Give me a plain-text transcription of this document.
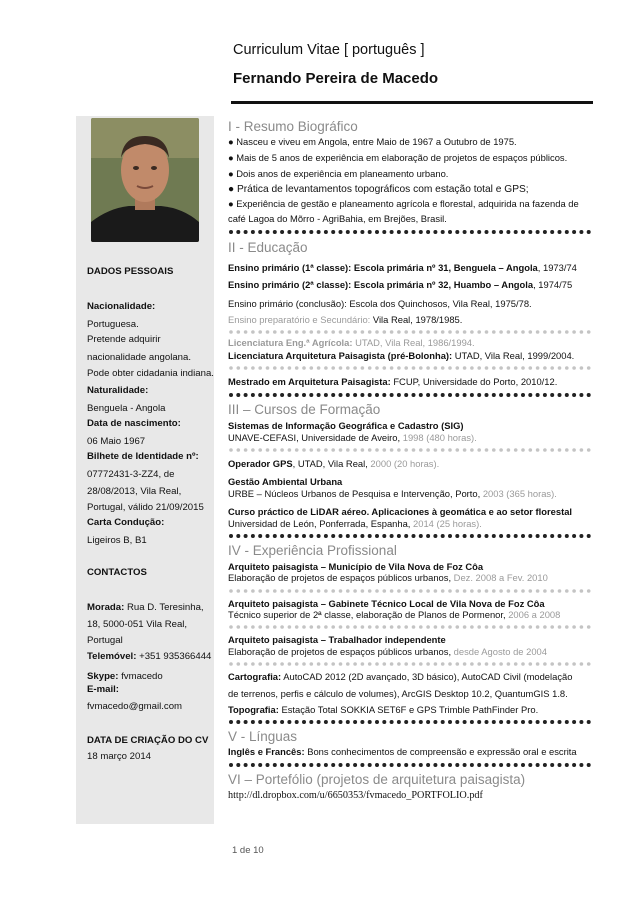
Curriculum Vitae [ português ]
Fernando Pereira de Macedo
DADOS PESSOAIS
Nacionalidade:
Portuguesa.
Pretende adquirir
nacionalidade angolana.
Pode obter cidadania indiana.
Naturalidade:
Benguela - Angola
Data de nascimento:
06 Maio 1967
Bilhete de Identidade nº:
07772431-3-ZZ4, de
28/08/2013, Vila Real,
Portugal, válido 21/09/2015
Carta Condução:
Ligeiros B, B1
CONTACTOS
Morada: Rua D. Teresinha,
18, 5000-051 Vila Real,
Portugal
Telemóvel: +351 935366444
Skype: fvmacedo
E-mail:
fvmacedo@gmail.com
DATA DE CRIAÇÃO DO CV
18 março 2014
I - Resumo Biográfico
● Nasceu e viveu em Angola, entre Maio de 1967 a Outubro de 1975.
● Mais de 5 anos de experiência em elaboração de projetos de espaços públicos.
● Dois anos de experiência em planeamento urbano.
● Prática de levantamentos topográficos com estação total e GPS;
● Experiência de gestão e planeamento agrícola e florestal, adquirida na fazenda de
café Lagoa do Mõrro - AgriBahia, em Brejões, Brasil.
II - Educação
Ensino primário (1ª classe): Escola primária nº 31, Benguela – Angola, 1973/74
Ensino primário (2ª classe): Escola primária nº 32, Huambo – Angola, 1974/75
Ensino primário (conclusão): Escola dos Quinchosos, Vila Real, 1975/78.
Ensino preparatório e Secundário: Vila Real, 1978/1985.
Licenciatura Eng.ª Agrícola: UTAD, Vila Real, 1986/1994.
Licenciatura Arquitetura Paisagista (pré-Bolonha): UTAD, Vila Real, 1999/2004.
Mestrado em Arquitetura Paisagista: FCUP, Universidade do Porto, 2010/12.
III – Cursos de Formação
Sistemas de Informação Geográfica e Cadastro (SIG)
UNAVE-CEFASI, Universidade de Aveiro, 1998 (480 horas).
Operador GPS, UTAD, Vila Real, 2000 (20 horas).
Gestão Ambiental Urbana
URBE – Núcleos Urbanos de Pesquisa e Intervenção, Porto, 2003 (365 horas).
Curso práctico de LiDAR aéreo. Aplicaciones à geomática e ao setor florestal
Universidad de León, Ponferrada, Espanha, 2014 (25 horas).
IV - Experiência Profissional
Arquiteto paisagista – Município de Vila Nova de Foz Côa
Elaboração de projetos de espaços públicos urbanos, Dez. 2008 a Fev. 2010
Arquiteto paisagista – Gabinete Técnico Local de Vila Nova de Foz Côa
Técnico superior de 2ª classe, elaboração de Planos de Pormenor, 2006 a 2008
Arquiteto paisagista – Trabalhador independente
Elaboração de projetos de espaços públicos urbanos, desde Agosto de 2004
Cartografia: AutoCAD 2012 (2D avançado, 3D básico), AutoCAD Civil (modelação
de terrenos, perfis e cálculo de volumes), ArcGIS Desktop 10.2, QuantumGIS 1.8.
Topografia: Estação Total SOKKIA SET6F e GPS Trimble PathFinder Pro.
V - Línguas
Inglês e Francês: Bons conhecimentos de compreensão e expressão oral e escrita
VI – Portefólio (projetos de arquitetura paisagista)
http://dl.dropbox.com/u/6650353/fvmacedo_PORTFOLIO.pdf
1 de 10
